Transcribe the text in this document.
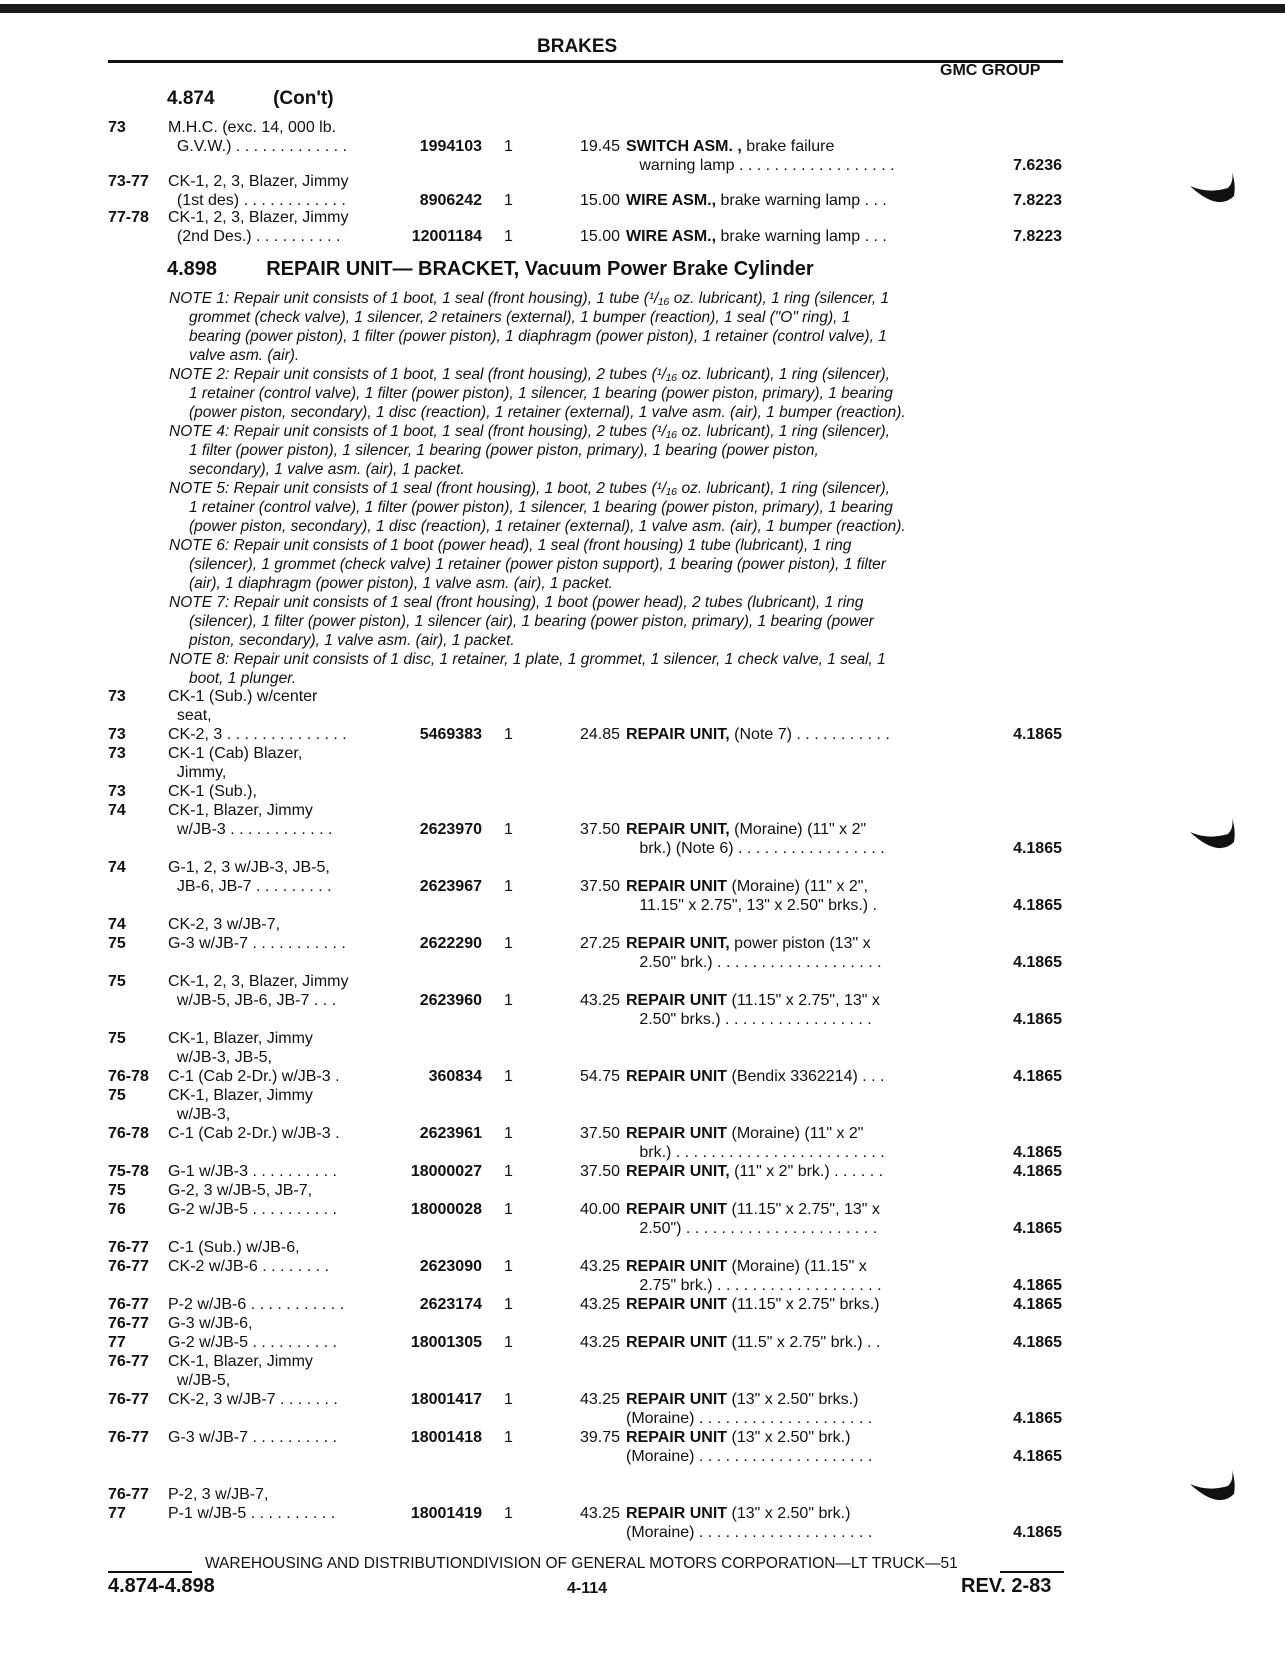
BRAKES
GMC GROUP
4.874	(Con't)
73	M.H.C. (exc. 14, 000 lb.
G.V.W.) . . . . . . . . . . . . .	1994103 1	19.45 SWITCH ASM. , brake failure
warning lamp . . . . . . . . . . . . . . . . . .	7.6236
73-77 CK-1, 2, 3, Blazer, Jimmy
(1st des) . . . . . . . . . . . .	8906242 1	15.00 WIRE ASM., brake warning lamp . . .	7.8223
77-78 CK-1, 2, 3, Blazer, Jimmy
(2nd Des.) . . . . . . . . . .	12001184 1	15.00 WIRE ASM., brake warning lamp . . .	7.8223
4.898 REPAIR UNIT— BRACKET, Vacuum Power Brake Cylinder
NOTE 1: Repair unit consists of 1 boot, 1 seal (front housing), 1 tube (¹/₁₆ oz. lubricant), 1 ring (silencer, 1
grommet (check valve), 1 silencer, 2 retainers (external), 1 bumper (reaction), 1 seal ("O" ring), 1
bearing (power piston), 1 filter (power piston), 1 diaphragm (power piston), 1 retainer (control valve), 1
valve asm. (air).
NOTE 2: Repair unit consists of 1 boot, 1 seal (front housing), 2 tubes (¹/₁₆ oz. lubricant), 1 ring (silencer),
1 retainer (control valve), 1 filter (power piston), 1 silencer, 1 bearing (power piston, primary), 1 bearing
(power piston, secondary), 1 disc (reaction), 1 retainer (external), 1 valve asm. (air), 1 bumper (reaction).
NOTE 4: Repair unit consists of 1 boot, 1 seal (front housing), 2 tubes (¹/₁₆ oz. lubricant), 1 ring (silencer),
1 filter (power piston), 1 silencer, 1 bearing (power piston, primary), 1 bearing (power piston,
secondary), 1 valve asm. (air), 1 packet.
NOTE 5: Repair unit consists of 1 seal (front housing), 1 boot, 2 tubes (¹/₁₆ oz. lubricant), 1 ring (silencer),
1 retainer (control valve), 1 filter (power piston), 1 silencer, 1 bearing (power piston, primary), 1 bearing
(power piston, secondary), 1 disc (reaction), 1 retainer (external), 1 valve asm. (air), 1 bumper (reaction).
NOTE 6: Repair unit consists of 1 boot (power head), 1 seal (front housing) 1 tube (lubricant), 1 ring
(silencer), 1 grommet (check valve) 1 retainer (power piston support), 1 bearing (power piston), 1 filter
(air), 1 diaphragm (power piston), 1 valve asm. (air), 1 packet.
NOTE 7: Repair unit consists of 1 seal (front housing), 1 boot (power head), 2 tubes (lubricant), 1 ring
(silencer), 1 filter (power piston), 1 silencer (air), 1 bearing (power piston, primary), 1 bearing (power
piston, secondary), 1 valve asm. (air), 1 packet.
NOTE 8: Repair unit consists of 1 disc, 1 retainer, 1 plate, 1 grommet, 1 silencer, 1 check valve, 1 seal, 1
boot, 1 plunger.
73	CK-1 (Sub.) w/center
seat,
73	CK-2, 3 . . . . . . . . . . . . . .	5469383 1	24.85 REPAIR UNIT, (Note 7) . . . . . . . . . . .	4.1865
73	CK-1 (Cab) Blazer,
Jimmy,
73	CK-1 (Sub.),
74	CK-1, Blazer, Jimmy
w/JB-3 . . . . . . . . . . . .	2623970 1	37.50 REPAIR UNIT, (Moraine) (11" x 2"
brk.) (Note 6) . . . . . . . . . . . . . . . . .	4.1865
74	G-1, 2, 3 w/JB-3, JB-5,
JB-6, JB-7 . . . . . . . . .	2623967 1	37.50 REPAIR UNIT (Moraine) (11" x 2",
11.15" x 2.75", 13" x 2.50" brks.) .	4.1865
74	CK-2, 3 w/JB-7,
75	G-3 w/JB-7 . . . . . . . . . . .	2622290 1	27.25 REPAIR UNIT, power piston (13" x
2.50" brk.) . . . . . . . . . . . . . . . . . . .	4.1865
75	CK-1, 2, 3, Blazer, Jimmy
w/JB-5, JB-6, JB-7 . . .	2623960 1	43.25 REPAIR UNIT (11.15" x 2.75", 13" x
2.50" brks.) . . . . . . . . . . . . . . . . .	4.1865
75	CK-1, Blazer, Jimmy
w/JB-3, JB-5,
76-78 C-1 (Cab 2-Dr.) w/JB-3 .	360834 1	54.75 REPAIR UNIT (Bendix 3362214) . . .	4.1865
75	CK-1, Blazer, Jimmy
w/JB-3,
76-78 C-1 (Cab 2-Dr.) w/JB-3 .	2623961 1	37.50 REPAIR UNIT (Moraine) (11" x 2"
brk.) . . . . . . . . . . . . . . . . . . . . . . . .	4.1865
75-78 G-1 w/JB-3 . . . . . . . . . .	18000027 1	37.50 REPAIR UNIT, (11" x 2" brk.) . . . . . .	4.1865
75	G-2, 3 w/JB-5, JB-7,
76	G-2 w/JB-5 . . . . . . . . . .	18000028 1	40.00 REPAIR UNIT (11.15" x 2.75", 13" x
2.50") . . . . . . . . . . . . . . . . . . . . . .	4.1865
76-77 C-1 (Sub.) w/JB-6,
76-77 CK-2 w/JB-6 . . . . . . . .	2623090 1	43.25 REPAIR UNIT (Moraine) (11.15" x
2.75" brk.) . . . . . . . . . . . . . . . . . . .	4.1865
76-77 P-2 w/JB-6 . . . . . . . . . . .	2623174 1	43.25 REPAIR UNIT (11.15" x 2.75" brks.)	4.1865
76-77 G-3 w/JB-6,
77	G-2 w/JB-5 . . . . . . . . . .	18001305 1	43.25 REPAIR UNIT (11.5" x 2.75" brk.) . .	4.1865
76-77 CK-1, Blazer, Jimmy
w/JB-5,
76-77 CK-2, 3 w/JB-7 . . . . . . .	18001417 1	43.25 REPAIR UNIT (13" x 2.50" brks.)
(Moraine) . . . . . . . . . . . . . . . . . . . .	4.1865
76-77 G-3 w/JB-7 . . . . . . . . . .	18001418 1	39.75 REPAIR UNIT (13" x 2.50" brk.)
(Moraine) . . . . . . . . . . . . . . . . . . . .	4.1865
76-77 P-2, 3 w/JB-7,
77	P-1 w/JB-5 . . . . . . . . . .	18001419 1	43.25 REPAIR UNIT (13" x 2.50" brk.)
(Moraine) . . . . . . . . . . . . . . . . . . . .	4.1865
WAREHOUSING AND DISTRIBUTIONDIVISION OF GENERAL MOTORS CORPORATION—LT TRUCK—51
4.874-4.898	4-114	REV. 2-83
